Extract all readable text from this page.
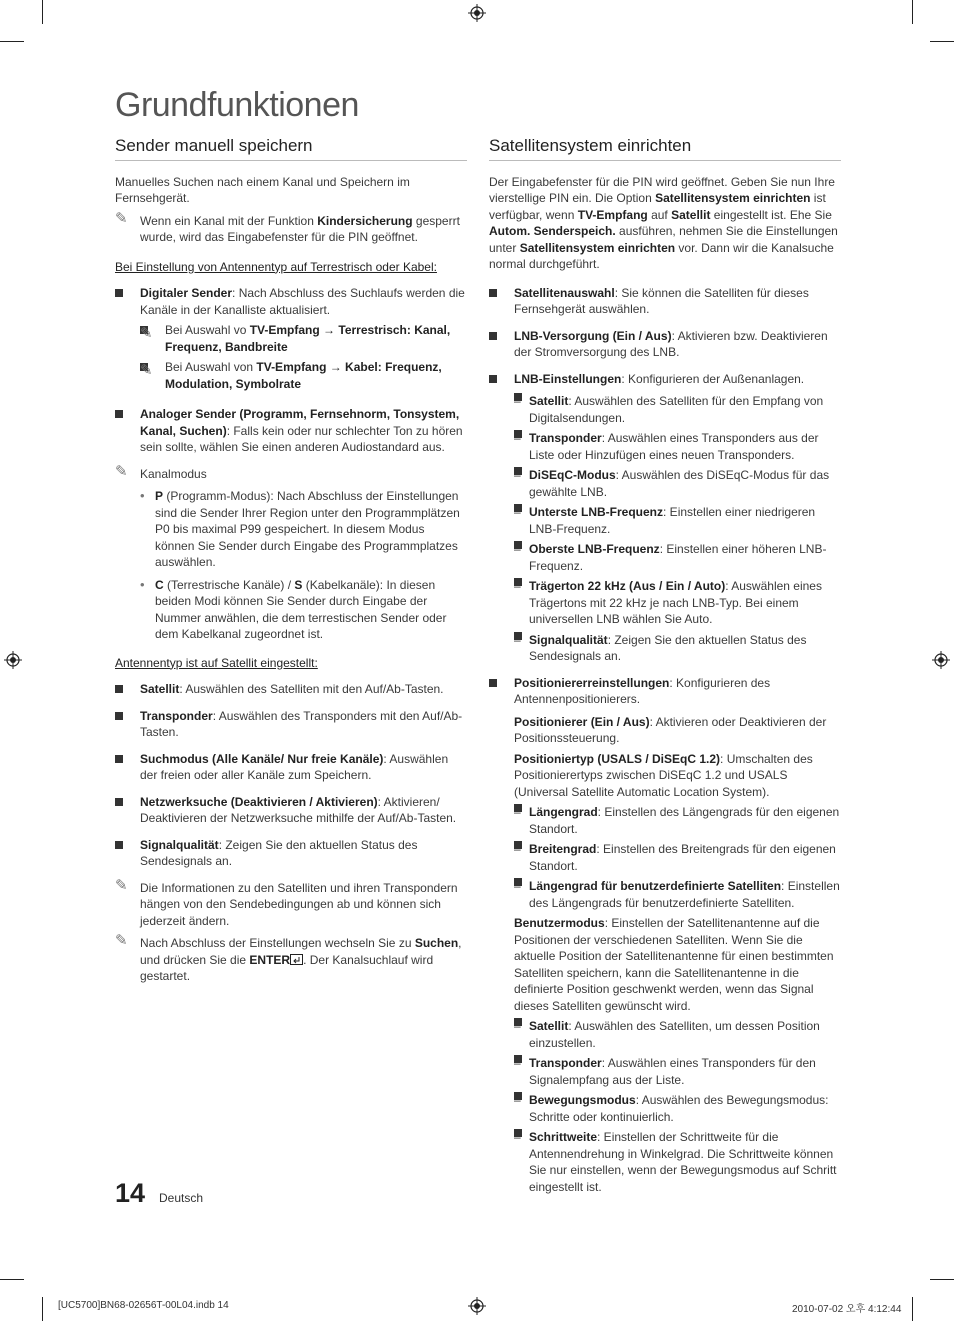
Grundfunktionen
Sender manuell speichern

Manuelles Suchen nach einem Kanal und Speichern im Fernsehgerät.

✎ Wenn ein Kanal mit der Funktion Kindersicherung gesperrt wurde, wird das Eingabefenster für die PIN geöffnet.

Bei Einstellung von Antennentyp auf Terrestrisch oder Kabel:

Digitaler Sender: Nach Abschluss des Suchlaufs werden die Kanäle in der Kanalliste aktualisiert.
✎ Bei Auswahl vo TV-Empfang → Terrestrisch: Kanal, Frequenz, Bandbreite
✎ Bei Auswahl von TV-Empfang → Kabel: Frequenz, Modulation, Symbolrate
Analoger Sender (Programm, Fernsehnorm, Tonsystem, Kanal, Suchen): Falls kein oder nur schlechter Ton zu hören sein sollte, wählen Sie einen anderen Audiostandard aus.
✎ Kanalmodus
• P (Programm-Modus): Nach Abschluss der Einstellungen sind die Sender Ihrer Region unter den Programmplätzen P0 bis maximal P99 gespeichert. In diesem Modus können Sie Sender durch Eingabe des Programmplatzes auswählen.
• C (Terrestrische Kanäle) / S (Kabelkanäle): In diesen beiden Modi können Sie Sender durch Eingabe der Nummer anwählen, die dem terrestischen Sender oder dem Kabelkanal zugeordnet ist.

Antennentyp ist auf Satellit eingestellt:

Satellit: Auswählen des Satelliten mit den Auf/Ab-Tasten.
Transponder: Auswählen des Transponders mit den Auf/Ab-Tasten.
Suchmodus (Alle Kanäle/ Nur freie Kanäle): Auswählen der freien oder aller Kanäle zum Speichern.
Netzwerksuche (Deaktivieren / Aktivieren): Aktivieren/ Deaktivieren der Netzwerksuche mithilfe der Auf/Ab-Tasten.
Signalqualität: Zeigen Sie den aktuellen Status des Sendesignals an.
✎ Die Informationen zu den Satelliten und ihren Transpondern hängen von den Sendebedingungen ab und können sich jederzeit ändern.
✎ Nach Abschluss der Einstellungen wechseln Sie zu Suchen, und drücken Sie die ENTER . Der Kanalsuchlauf wird gestartet.
Satellitensystem einrichten

Der Eingabefenster für die PIN wird geöffnet. Geben Sie nun Ihre vierstellige PIN ein. Die Option Satellitensystem einrichten ist verfügbar, wenn TV-Empfang auf Satellit eingestellt ist. Ehe Sie Autom. Senderspeich. ausführen, nehmen Sie die Einstellungen unter Satellitensystem einrichten vor. Dann wir die Kanalsuche normal durchgeführt.

Satellitenauswahl: Sie können die Satelliten für dieses Fernsehgerät auswählen.
LNB-Versorgung (Ein / Aus): Aktivieren bzw. Deaktivieren der Stromversorgung des LNB.
LNB-Einstellungen: Konfigurieren der Außenanlagen.
– Satellit: Auswählen des Satelliten für den Empfang von Digitalsendungen.
– Transponder: Auswählen eines Transponders aus der Liste oder Hinzufügen eines neuen Transponders.
– DiSEqC-Modus: Auswählen des DiSEqC-Modus für das gewählte LNB.
– Unterste LNB-Frequenz: Einstellen einer niedrigeren LNB-Frequenz.
– Oberste LNB-Frequenz: Einstellen einer höheren LNB-Frequenz.
– Trägerton 22 kHz (Aus / Ein / Auto): Auswählen eines Trägertons mit 22 kHz je nach LNB-Typ. Bei einem universellen LNB wählen Sie Auto.
– Signalqualität: Zeigen Sie den aktuellen Status des Sendesignals an.
Positioniererreinstellungen: Konfigurieren des Antennenpositionierers.

Positionierer (Ein / Aus): Aktivieren oder Deaktivieren der Positionssteuerung.

Positioniertyp (USALS / DiSEqC 1.2): Umschalten des Positionierertyps zwischen DiSEqC 1.2 und USALS (Universal Satellite Automatic Location System).

– Längengrad: Einstellen des Längengrads für den eigenen Standort.
– Breitengrad: Einstellen des Breitengrads für den eigenen Standort.
– Längengrad für benutzerdefinierte Satelliten: Einstellen des Längengrads für benutzerdefinierte Satelliten.

Benutzermodus: Einstellen der Satellitenantenne auf die Positionen der verschiedenen Satelliten. Wenn Sie die aktuelle Position der Satellitenantenne für einen bestimmten Satelliten speichern, kann die Satellitenantenne in die definierte Position geschwenkt werden, wenn das Signal dieses Satelliten gewünscht wird.

– Satellit: Auswählen des Satelliten, um dessen Position einzustellen.
– Transponder: Auswählen eines Transponders für den Signalempfang aus der Liste.
– Bewegungsmodus: Auswählen des Bewegungsmodus: Schritte oder kontinuierlich.
– Schrittweite: Einstellen der Schrittweite für die Antennendrehung in Winkelgrad. Die Schrittweite können Sie nur einstellen, wenn der Bewegungsmodus auf Schritt eingestellt ist.
14 Deutsch
[UC5700]BN68-02656T-00L04.indb 14	2010-07-02 오후 4:12:44
